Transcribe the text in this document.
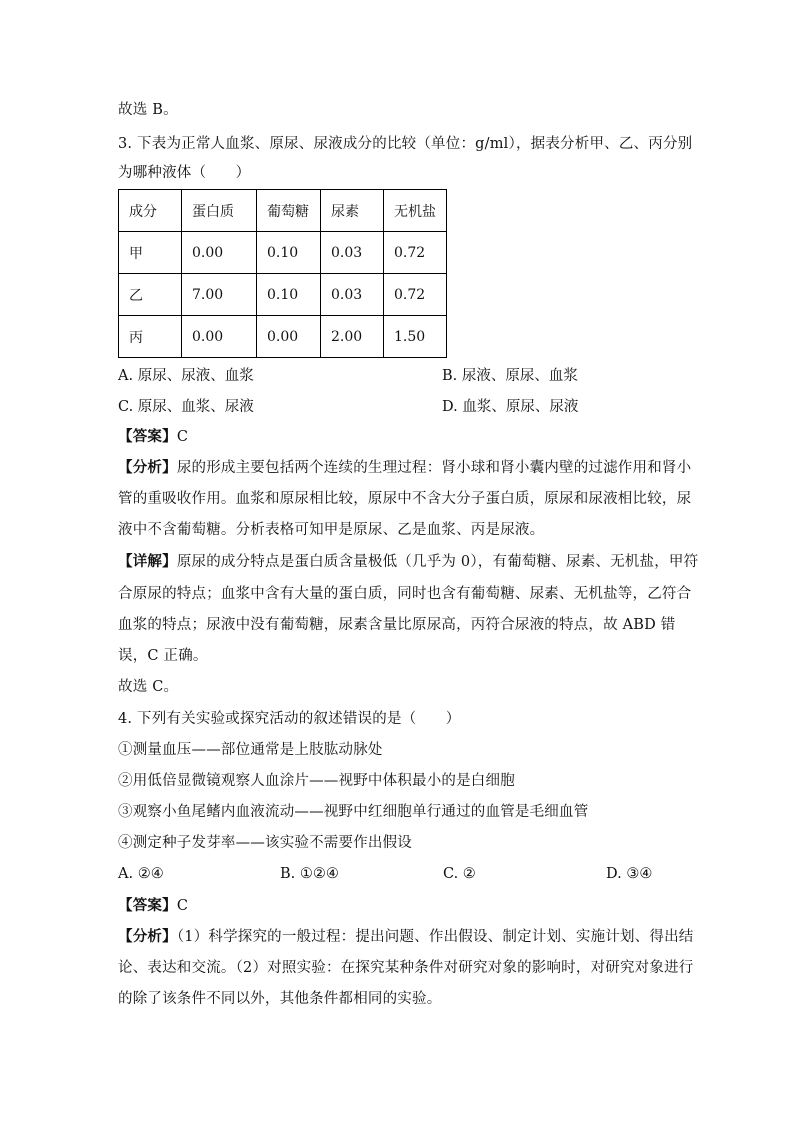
故选 B。
3. 下表为正常人血浆、原尿、尿液成分的比较（单位：g/ml），据表分析甲、乙、丙分别
为哪种液体（　　）
成分	蛋白质	葡萄糖	尿素	无机盐
甲	0.00	0.10	0.03	0.72
乙	7.00	0.10	0.03	0.72
丙	0.00	0.00	2.00	1.50
A. 原尿、尿液、血浆	B. 尿液、原尿、血浆
C. 原尿、血浆、尿液	D. 血浆、原尿、尿液
【答案】C
【分析】尿的形成主要包括两个连续的生理过程：肾小球和肾小囊内壁的过滤作用和肾小
管的重吸收作用。血浆和原尿相比较，原尿中不含大分子蛋白质，原尿和尿液相比较，尿
液中不含葡萄糖。分析表格可知甲是原尿、乙是血浆、丙是尿液。
【详解】原尿的成分特点是蛋白质含量极低（几乎为 0），有葡萄糖、尿素、无机盐，甲符
合原尿的特点；血浆中含有大量的蛋白质，同时也含有葡萄糖、尿素、无机盐等，乙符合
血浆的特点；尿液中没有葡萄糖，尿素含量比原尿高，丙符合尿液的特点，故 ABD 错
误，C 正确。
故选 C。
4. 下列有关实验或探究活动的叙述错误的是（　　）
①测量血压——部位通常是上肢肱动脉处
②用低倍显微镜观察人血涂片——视野中体积最小的是白细胞
③观察小鱼尾鳍内血液流动——视野中红细胞单行通过的血管是毛细血管
④测定种子发芽率——该实验不需要作出假设
A. ②④	B. ①②④	C. ②	D. ③④
【答案】C
【分析】（1）科学探究的一般过程：提出问题、作出假设、制定计划、实施计划、得出结
论、表达和交流。（2）对照实验：在探究某种条件对研究对象的影响时，对研究对象进行
的除了该条件不同以外，其他条件都相同的实验。
